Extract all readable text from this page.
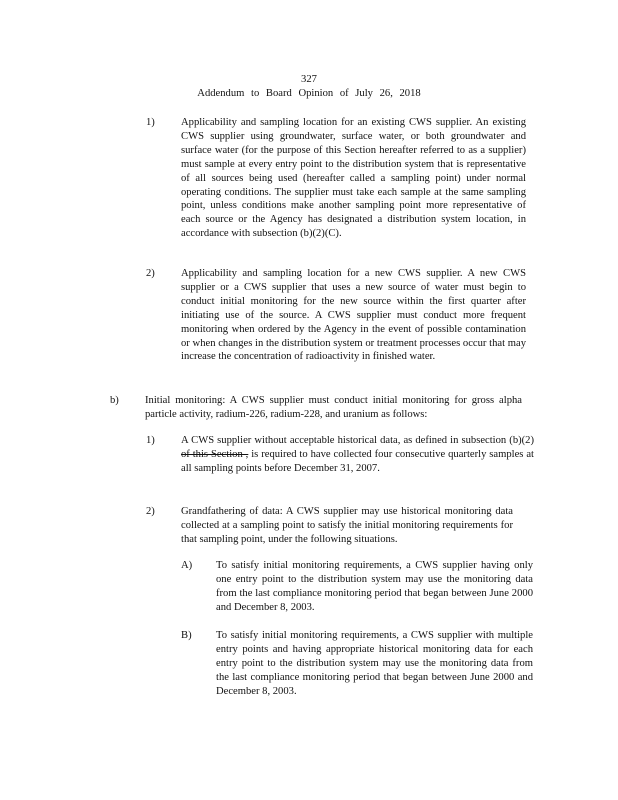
327
Addendum to Board Opinion of July 26, 2018
1) Applicability and sampling location for an existing CWS supplier. An existing CWS supplier using groundwater, surface water, or both groundwater and surface water (for the purpose of this Section hereafter referred to as a supplier) must sample at every entry point to the distribution system that is representative of all sources being used (hereafter called a sampling point) under normal operating conditions. The supplier must take each sample at the same sampling point, unless conditions make another sampling point more representative of each source or the Agency has designated a distribution system location, in accordance with subsection (b)(2)(C).
2) Applicability and sampling location for a new CWS supplier. A new CWS supplier or a CWS supplier that uses a new source of water must begin to conduct initial monitoring for the new source within the first quarter after initiating use of the source. A CWS supplier must conduct more frequent monitoring when ordered by the Agency in the event of possible contamination or when changes in the distribution system or treatment processes occur that may increase the concentration of radioactivity in finished water.
b) Initial monitoring: A CWS supplier must conduct initial monitoring for gross alpha particle activity, radium-226, radium-228, and uranium as follows:
1) A CWS supplier without acceptable historical data, as defined in subsection (b)(2) of this Section , is required to have collected four consecutive quarterly samples at all sampling points before December 31, 2007.
2) Grandfathering of data: A CWS supplier may use historical monitoring data collected at a sampling point to satisfy the initial monitoring requirements for that sampling point, under the following situations.
A) To satisfy initial monitoring requirements, a CWS supplier having only one entry point to the distribution system may use the monitoring data from the last compliance monitoring period that began between June 2000 and December 8, 2003.
B) To satisfy initial monitoring requirements, a CWS supplier with multiple entry points and having appropriate historical monitoring data for each entry point to the distribution system may use the monitoring data from the last compliance monitoring period that began between June 2000 and December 8, 2003.
